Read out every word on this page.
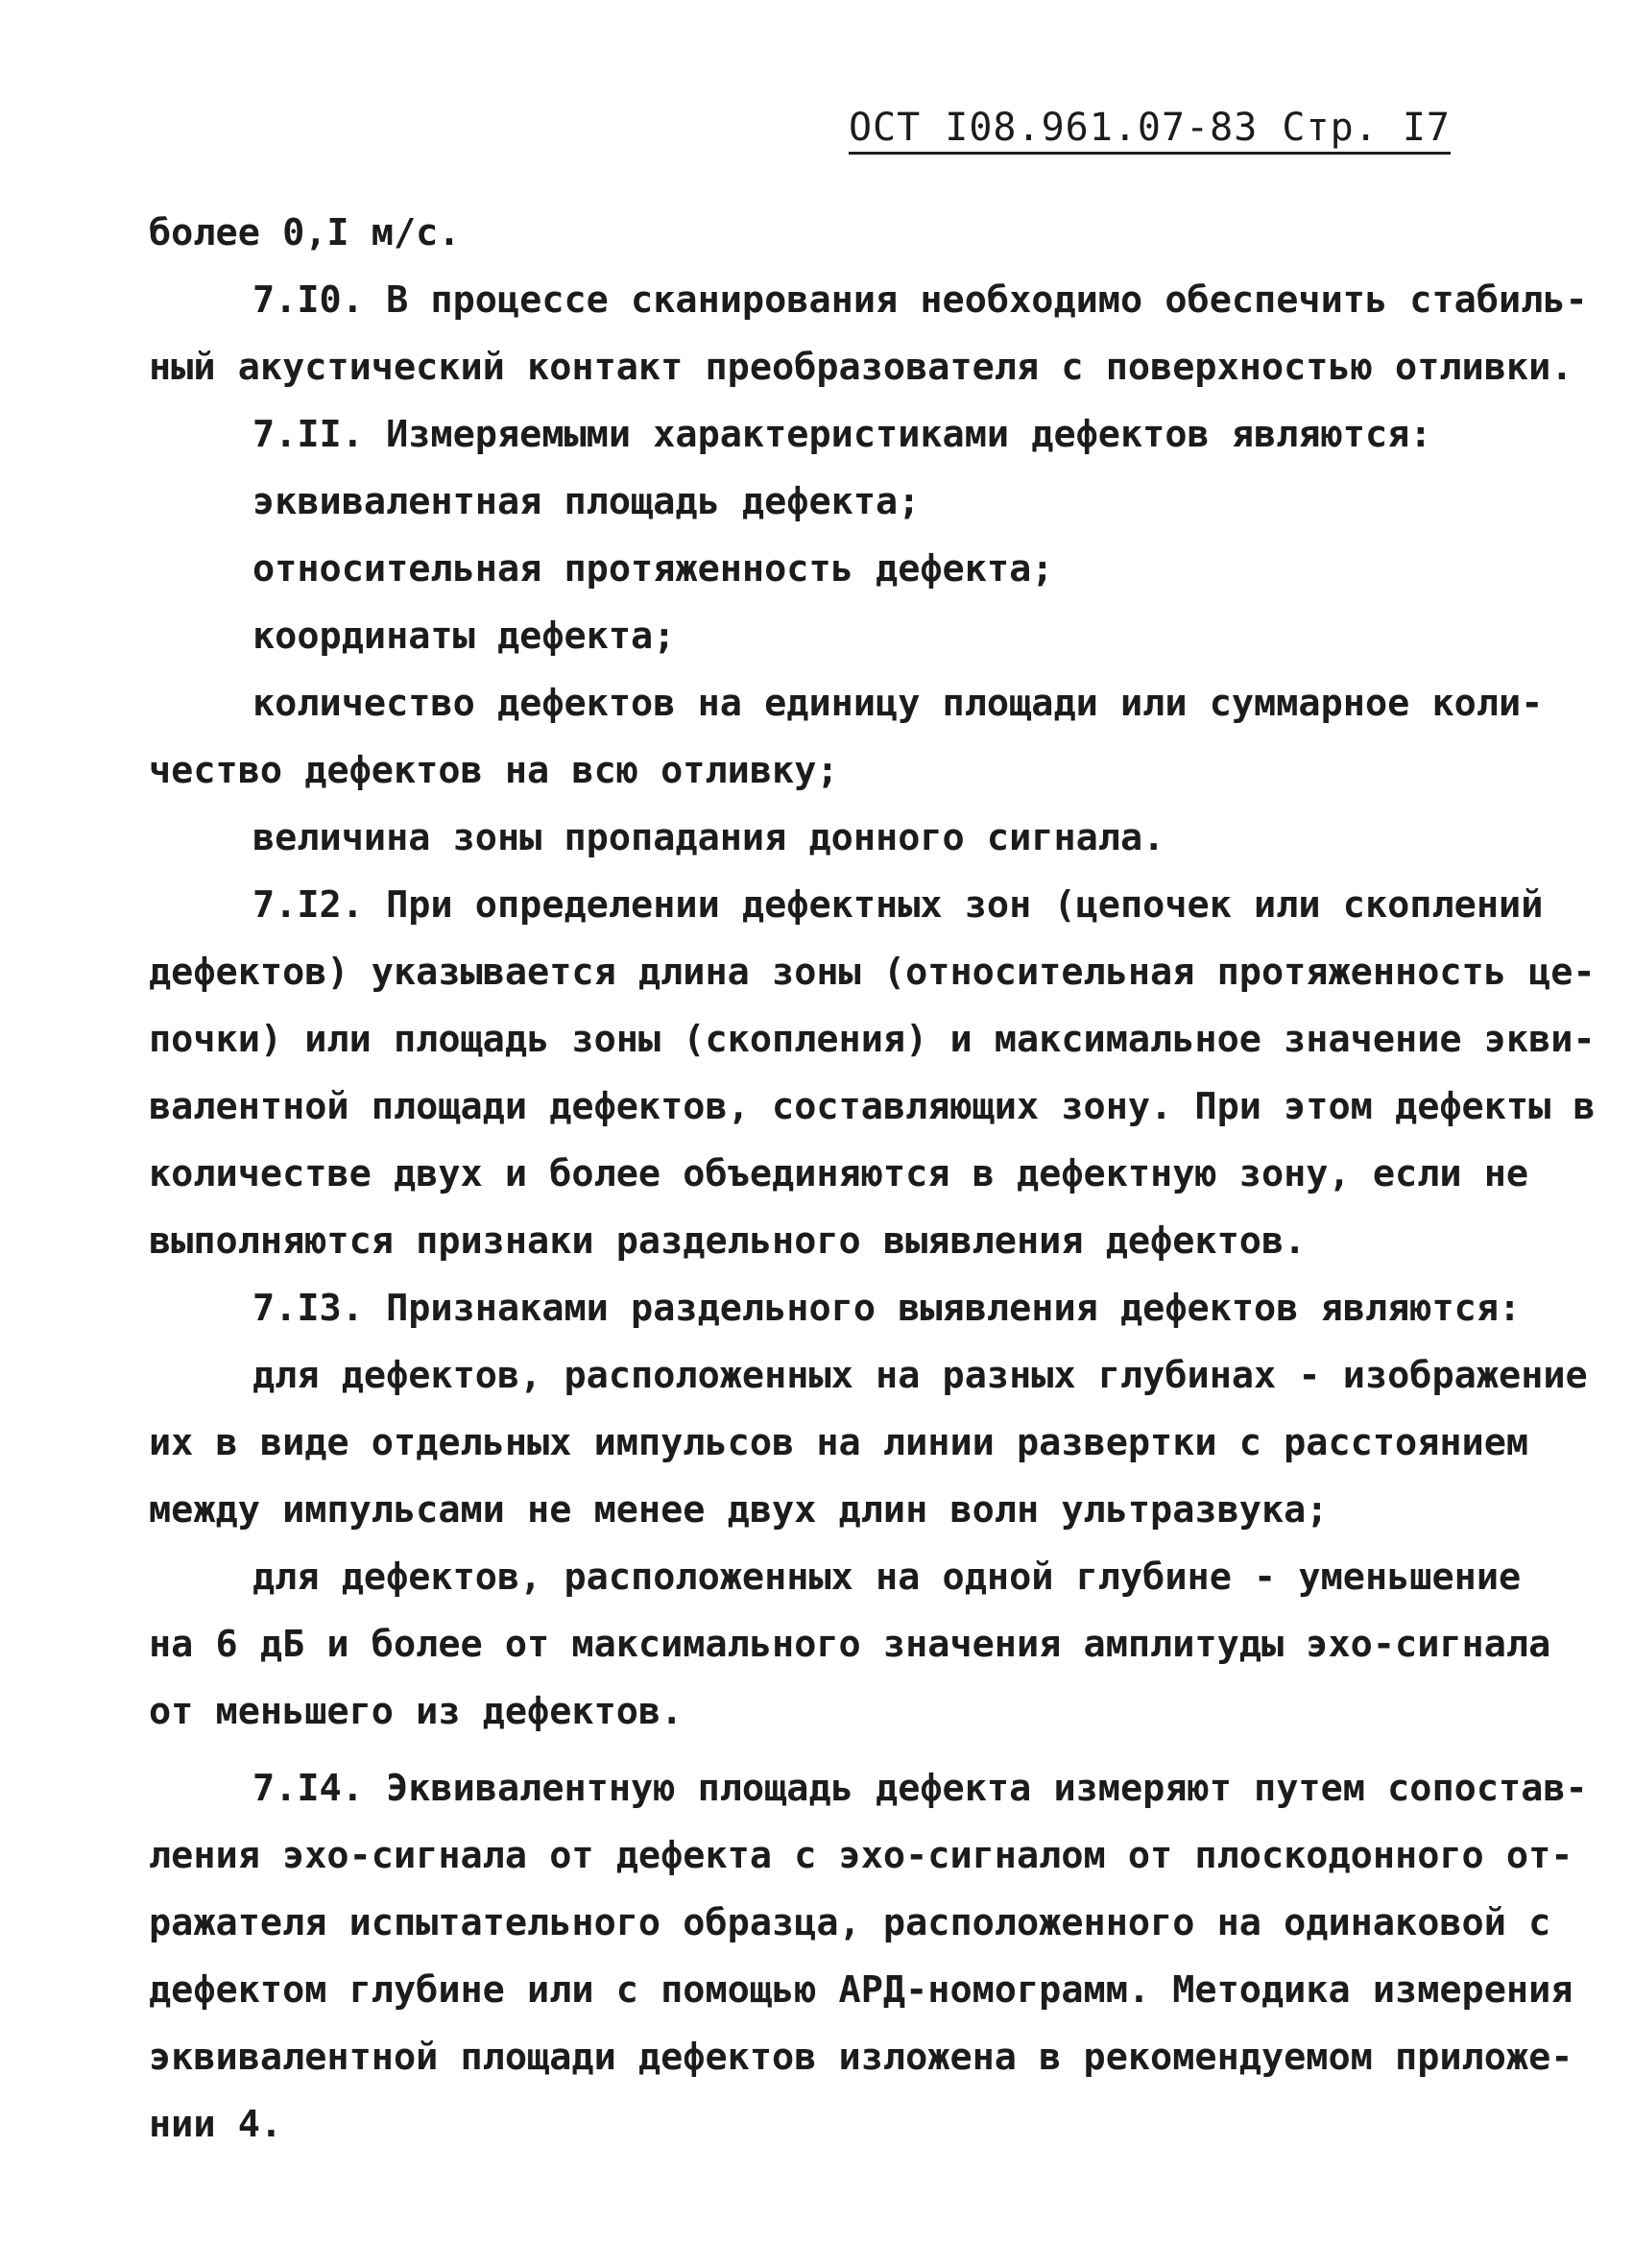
ОСТ I08.961.07-83 Стр. I7
более 0,I м/с.
7.I0. В процессе сканирования необходимо обеспечить стабиль-
ный акустический контакт преобразователя с поверхностью отливки.
7.II. Измеряемыми характеристиками дефектов являются:
эквивалентная площадь дефекта;
относительная протяженность дефекта;
координаты дефекта;
количество дефектов на единицу площади или суммарное коли-
чество дефектов на всю отливку;
величина зоны пропадания донного сигнала.
7.I2. При определении дефектных зон (цепочек или скоплений
дефектов) указывается длина зоны (относительная протяженность це-
почки) или площадь зоны (скопления) и максимальное значение экви-
валентной площади дефектов, составляющих зону. При этом дефекты в
количестве двух и более объединяются в дефектную зону, если не
выполняются признаки раздельного выявления дефектов.
7.I3. Признаками раздельного выявления дефектов являются:
для дефектов, расположенных на разных глубинах - изображение
их в виде отдельных импульсов на линии развертки с расстоянием
между импульсами не менее двух длин волн ультразвука;
для дефектов, расположенных на одной глубине - уменьшение
на 6 дБ и более от максимального значения амплитуды эхо-сигнала
от меньшего из дефектов.
7.I4. Эквивалентную площадь дефекта измеряют путем сопостав-
ления эхо-сигнала от дефекта с эхо-сигналом от плоскодонного от-
ражателя испытательного образца, расположенного на одинаковой с
дефектом глубине или с помощью АРД-номограмм. Методика измерения
эквивалентной площади дефектов изложена в рекомендуемом приложе-
нии 4.
